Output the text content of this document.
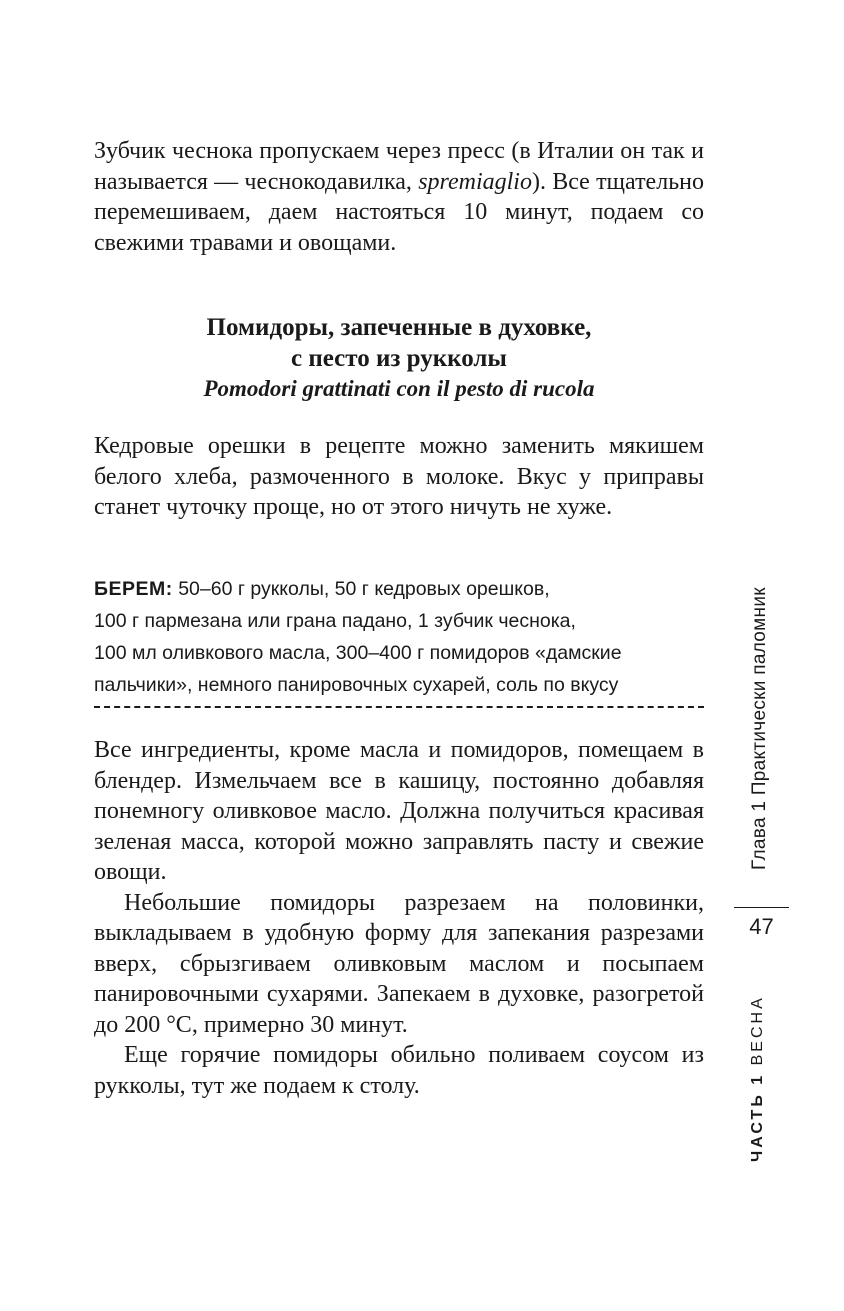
Зубчик чеснока пропускаем через пресс (в Италии он так и называется — чеснокодавилка, spremiaglio). Все тщательно перемешиваем, даем настояться 10 минут, подаем со свежими травами и овощами.
Помидоры, запеченные в духовке,
с песто из рукколы
Pomodori grattinati con il pesto di rucola

Кедровые орешки в рецепте можно заменить мякишем белого хлеба, размоченного в молоке. Вкус у приправы станет чуточку проще, но от этого ничуть не хуже.

БЕРЕМ: 50–60 г рукколы, 50 г кедровых орешков,
100 г пармезана или грана падано, 1 зубчик чеснока,
100 мл оливкового масла, 300–400 г помидоров «дамские
пальчики», немного панировочных сухарей, соль по вкусу

Все ингредиенты, кроме масла и помидоров, помещаем в блендер. Измельчаем все в кашицу, постоянно добавляя понемногу оливковое масло. Должна получиться красивая зеленая масса, которой можно заправлять пасту и свежие овощи.

Небольшие помидоры разрезаем на половинки, выкладываем в удобную форму для запекания разрезами вверх, сбрызгиваем оливковым маслом и посыпаем панировочными сухарями. Запекаем в духовке, разогретой до 200 °С, примерно 30 минут.

Еще горячие помидоры обильно поливаем соусом из рукколы, тут же подаем к столу.

Глава 1 Практически паломник
47
ЧАСТЬ 1 ВЕСНА
